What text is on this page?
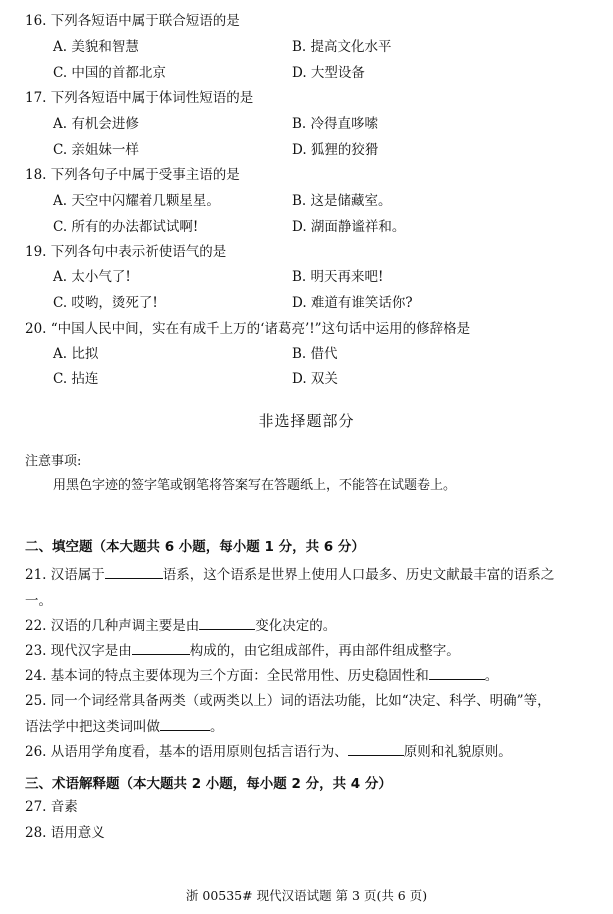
16. 下列各短语中属于联合短语的是
A. 美貌和智慧	B. 提高文化水平
C. 中国的首都北京	D. 大型设备
17. 下列各短语中属于体词性短语的是
A. 有机会进修	B. 冷得直哆嗦
C. 亲姐妹一样	D. 狐狸的狡猾
18. 下列各句子中属于受事主语的是
A. 天空中闪耀着几颗星星。	B. 这是储藏室。
C. 所有的办法都试试啊!	D. 湖面静谧祥和。
19. 下列各句中表示祈使语气的是
A. 太小气了!	B. 明天再来吧!
C. 哎哟，烫死了!	D. 难道有谁笑话你?
20. “中国人民中间，实在有成千上万的‘诸葛亮’!”这句话中运用的修辞格是
A. 比拟	B. 借代
C. 拈连	D. 双关
非选择题部分
注意事项:
用黑色字迹的签字笔或钢笔将答案写在答题纸上，不能答在试题卷上。
二、填空题（本大题共 6 小题，每小题 1 分，共 6 分）
21. 汉语属于	语系，这个语系是世界上使用人口最多、历史文献最丰富的语系之
一。
22. 汉语的几种声调主要是由	变化决定的。
23. 现代汉字是由	构成的，由它组成部件，再由部件组成整字。
24. 基本词的特点主要体现为三个方面：全民常用性、历史稳固性和	。
25. 同一个词经常具备两类（或两类以上）词的语法功能，比如“决定、科学、明确”等，
语法学中把这类词叫做	。
26. 从语用学角度看，基本的语用原则包括言语行为、	原则和礼貌原则。
三、术语解释题（本大题共 2 小题，每小题 2 分，共 4 分）
27. 音素
28. 语用意义
浙 00535# 现代汉语试题 第 3 页(共 6 页)
